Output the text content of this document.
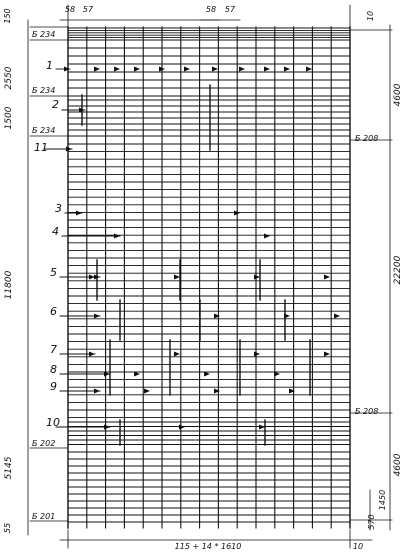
150	58 57	58 57
10
2550
1500
11800
5145
55
4600
22200
4600
1450
570
115 + 14 * 1610	10
Б 234
Б 234
Б 234
Б 202
Б 201
Б 208
Б 208
1
2
11
3
4
5
6
7
8
9
10
